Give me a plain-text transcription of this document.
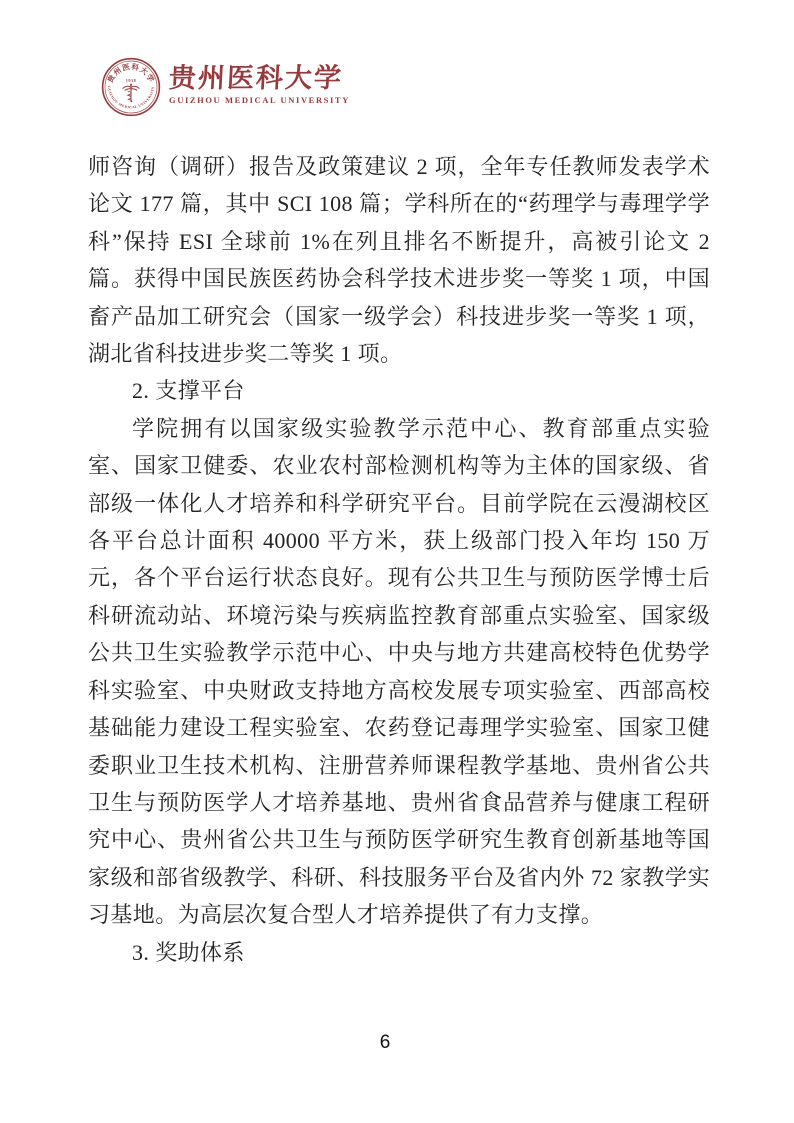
贵州医科大学
1938
GUIZHOU MEDICAL UNIVERSITY 贵州医科大学
GUIZHOU MEDICAL UNIVERSITY

师咨询（调研）报告及政策建议 2 项，全年专任教师发表学术论文 177 篇，其中 SCI 108 篇；学科所在的“药理学与毒理学学科”保持 ESI 全球前 1%在列且排名不断提升，高被引论文 2 篇。获得中国民族医药协会科学技术进步奖一等奖 1 项，中国畜产品加工研究会（国家一级学会）科技进步奖一等奖 1 项，湖北省科技进步奖二等奖 1 项。

2. 支撑平台

学院拥有以国家级实验教学示范中心、教育部重点实验室、国家卫健委、农业农村部检测机构等为主体的国家级、省部级一体化人才培养和科学研究平台。目前学院在云漫湖校区各平台总计面积 40000 平方米，获上级部门投入年均 150 万元，各个平台运行状态良好。现有公共卫生与预防医学博士后科研流动站、环境污染与疾病监控教育部重点实验室、国家级公共卫生实验教学示范中心、中央与地方共建高校特色优势学科实验室、中央财政支持地方高校发展专项实验室、西部高校基础能力建设工程实验室、农药登记毒理学实验室、国家卫健委职业卫生技术机构、注册营养师课程教学基地、贵州省公共卫生与预防医学人才培养基地、贵州省食品营养与健康工程研究中心、贵州省公共卫生与预防医学研究生教育创新基地等国家级和部省级教学、科研、科技服务平台及省内外 72 家教学实习基地。为高层次复合型人才培养提供了有力支撑。

3. 奖助体系

6
